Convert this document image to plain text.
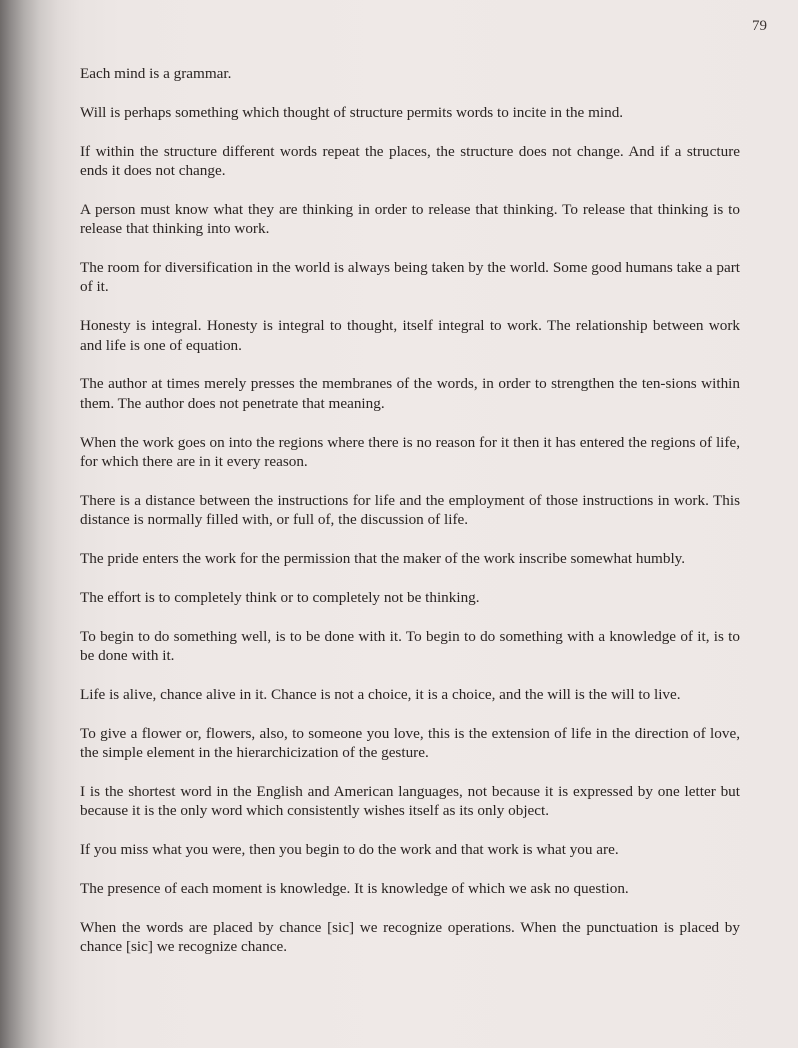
79

Each mind is a grammar.

Will is perhaps something which thought of structure permits words to incite in the mind.

If within the structure different words repeat the places, the structure does not change. And if a structure ends it does not change.

A person must know what they are thinking in order to release that thinking. To release that thinking is to release that thinking into work.

The room for diversification in the world is always being taken by the world. Some good humans take a part of it.

Honesty is integral. Honesty is integral to thought, itself integral to work. The relationship between work and life is one of equation.

The author at times merely presses the membranes of the words, in order to strengthen the ten-sions within them. The author does not penetrate that meaning.

When the work goes on into the regions where there is no reason for it then it has entered the regions of life, for which there are in it every reason.

There is a distance between the instructions for life and the employment of those instructions in work. This distance is normally filled with, or full of, the discussion of life.

The pride enters the work for the permission that the maker of the work inscribe somewhat humbly.

The effort is to completely think or to completely not be thinking.

To begin to do something well, is to be done with it. To begin to do something with a knowledge of it, is to be done with it.

Life is alive, chance alive in it. Chance is not a choice, it is a choice, and the will is the will to live.

To give a flower or, flowers, also, to someone you love, this is the extension of life in the direction of love, the simple element in the hierarchicization of the gesture.

I is the shortest word in the English and American languages, not because it is expressed by one letter but because it is the only word which consistently wishes itself as its only object.

If you miss what you were, then you begin to do the work and that work is what you are.

The presence of each moment is knowledge. It is knowledge of which we ask no question.

When the words are placed by chance [sic] we recognize operations. When the punctuation is placed by chance [sic] we recognize chance.
